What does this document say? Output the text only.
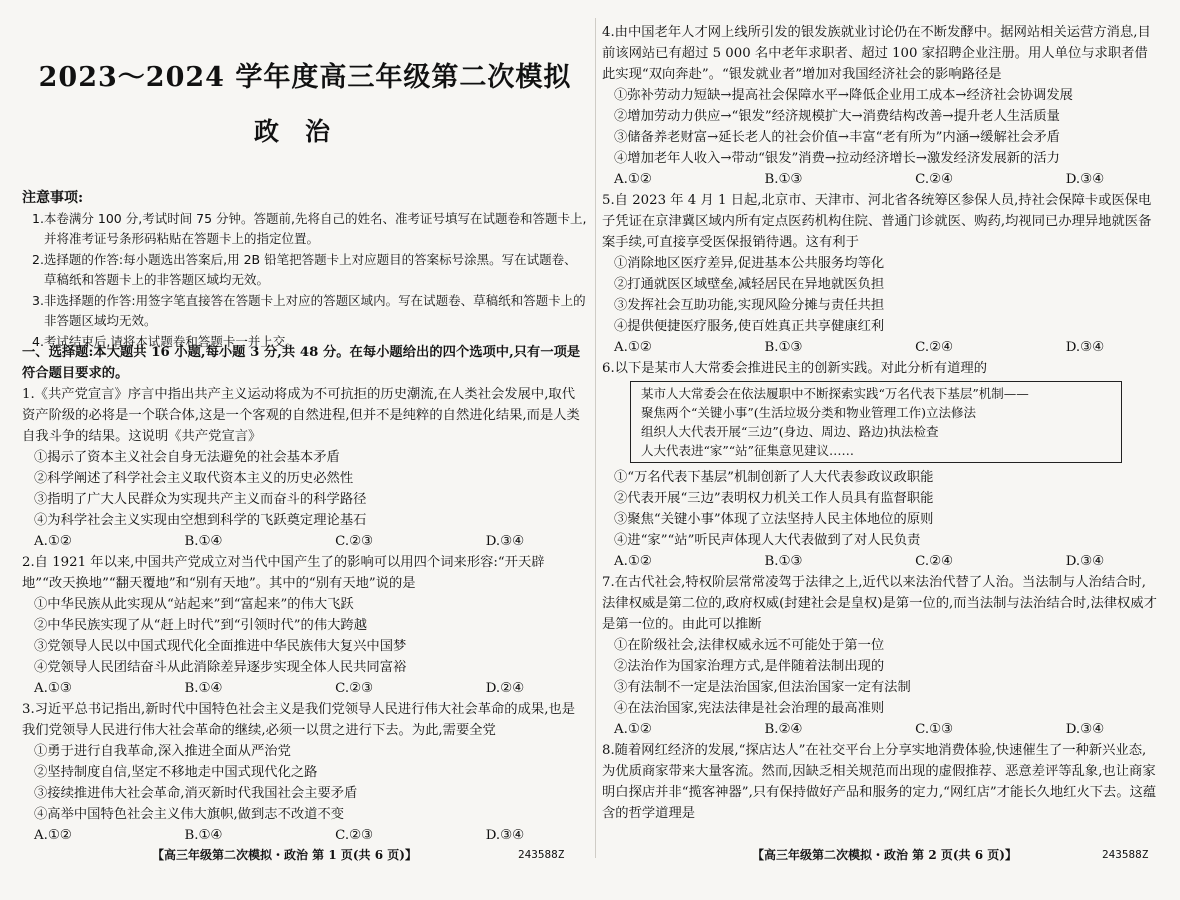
2023～2024 学年度高三年级第二次模拟
政治
注意事项:
1.本卷满分 100 分,考试时间 75 分钟。答题前,先将自己的姓名、准考证号填写在试题卷和答题卡上,并将准考证号条形码粘贴在答题卡上的指定位置。
2.选择题的作答:每小题选出答案后,用 2B 铅笔把答题卡上对应题目的答案标号涂黑。写在试题卷、草稿纸和答题卡上的非答题区域均无效。
3.非选择题的作答:用签字笔直接答在答题卡上对应的答题区域内。写在试题卷、草稿纸和答题卡上的非答题区域均无效。
4.考试结束后,请将本试题卷和答题卡一并上交。

一、选择题:本大题共 16 小题,每小题 3 分,共 48 分。在每小题给出的四个选项中,只有一项是符合题目要求的。

1.《共产党宣言》序言中指出共产主义运动将成为不可抗拒的历史潮流,在人类社会发展中,取代资产阶级的必将是一个联合体,这是一个客观的自然进程,但并不是纯粹的自然进化结果,而是人类自我斗争的结果。这说明《共产党宣言》

①揭示了资本主义社会自身无法避免的社会基本矛盾

②科学阐述了科学社会主义取代资本主义的历史必然性

③指明了广大人民群众为实现共产主义而奋斗的科学路径

④为科学社会主义实现由空想到科学的飞跃奠定理论基石

A.①②	B.①④	C.②③	D.③④

2.自 1921 年以来,中国共产党成立对当代中国产生了的影响可以用四个词来形容:“开天辟地”“改天换地”“翻天覆地”和“别有天地”。其中的“别有天地”说的是

①中华民族从此实现从“站起来”到“富起来”的伟大飞跃

②中华民族实现了从“赶上时代”到“引领时代”的伟大跨越

③党领导人民以中国式现代化全面推进中华民族伟大复兴中国梦

④党领导人民团结奋斗从此消除差异逐步实现全体人民共同富裕

A.①③	B.①④	C.②③	D.②④

3.习近平总书记指出,新时代中国特色社会主义是我们党领导人民进行伟大社会革命的成果,也是我们党领导人民进行伟大社会革命的继续,必须一以贯之进行下去。为此,需要全党

①勇于进行自我革命,深入推进全面从严治党

②坚持制度自信,坚定不移地走中国式现代化之路

③接续推进伟大社会革命,消灭新时代我国社会主要矛盾

④高举中国特色社会主义伟大旗帜,做到志不改道不变

A.①②	B.①④	C.②③	D.③④
【高三年级第二次模拟・政治 第 1 页(共 6 页)】	243588Z

4.由中国老年人才网上线所引发的银发族就业讨论仍在不断发酵中。据网站相关运营方消息,目前该网站已有超过 5 000 名中老年求职者、超过 100 家招聘企业注册。用人单位与求职者借此实现“双向奔赴”。“银发就业者”增加对我国经济社会的影响路径是

①弥补劳动力短缺→提高社会保障水平→降低企业用工成本→经济社会协调发展

②增加劳动力供应→“银发”经济规模扩大→消费结构改善→提升老人生活质量

③储备养老财富→延长老人的社会价值→丰富“老有所为”内涵→缓解社会矛盾

④增加老年人收入→带动“银发”消费→拉动经济增长→激发经济发展新的活力

A.①②	B.①③	C.②④	D.③④

5.自 2023 年 4 月 1 日起,北京市、天津市、河北省各统筹区参保人员,持社会保障卡或医保电子凭证在京津冀区域内所有定点医药机构住院、普通门诊就医、购药,均视同已办理异地就医备案手续,可直接享受医保报销待遇。这有利于

①消除地区医疗差异,促进基本公共服务均等化

②打通就医区域壁垒,减轻居民在异地就医负担

③发挥社会互助功能,实现风险分摊与责任共担

④提供便捷医疗服务,使百姓真正共享健康红利

A.①②	B.①③	C.②④	D.③④

6.以下是某市人大常委会推进民主的创新实践。对此分析有道理的

某市人大常委会在依法履职中不断探索实践“万名代表下基层”机制——

聚焦两个“关键小事”(生活垃圾分类和物业管理工作)立法修法

组织人大代表开展“三边”(身边、周边、路边)执法检查

人大代表进“家”“站”征集意见建议……

①“万名代表下基层”机制创新了人大代表参政议政职能

②代表开展“三边”表明权力机关工作人员具有监督职能

③聚焦“关键小事”体现了立法坚持人民主体地位的原则

④进“家”“站”听民声体现人大代表做到了对人民负责

A.①②	B.①③	C.②④	D.③④

7.在古代社会,特权阶层常常凌驾于法律之上,近代以来法治代替了人治。当法制与人治结合时,法律权威是第二位的,政府权威(封建社会是皇权)是第一位的,而当法制与法治结合时,法律权威才是第一位的。由此可以推断

①在阶级社会,法律权威永远不可能处于第一位

②法治作为国家治理方式,是伴随着法制出现的

③有法制不一定是法治国家,但法治国家一定有法制

④在法治国家,宪法法律是社会治理的最高准则

A.①②	B.②④	C.①③	D.③④

8.随着网红经济的发展,“探店达人”在社交平台上分享实地消费体验,快速催生了一种新兴业态,为优质商家带来大量客流。然而,因缺乏相关规范而出现的虚假推荐、恶意差评等乱象,也让商家明白探店并非“揽客神器”,只有保持做好产品和服务的定力,“网红店”才能长久地红火下去。这蕴含的哲学道理是

【高三年级第二次模拟・政治 第 2 页(共 6 页)】	243588Z
